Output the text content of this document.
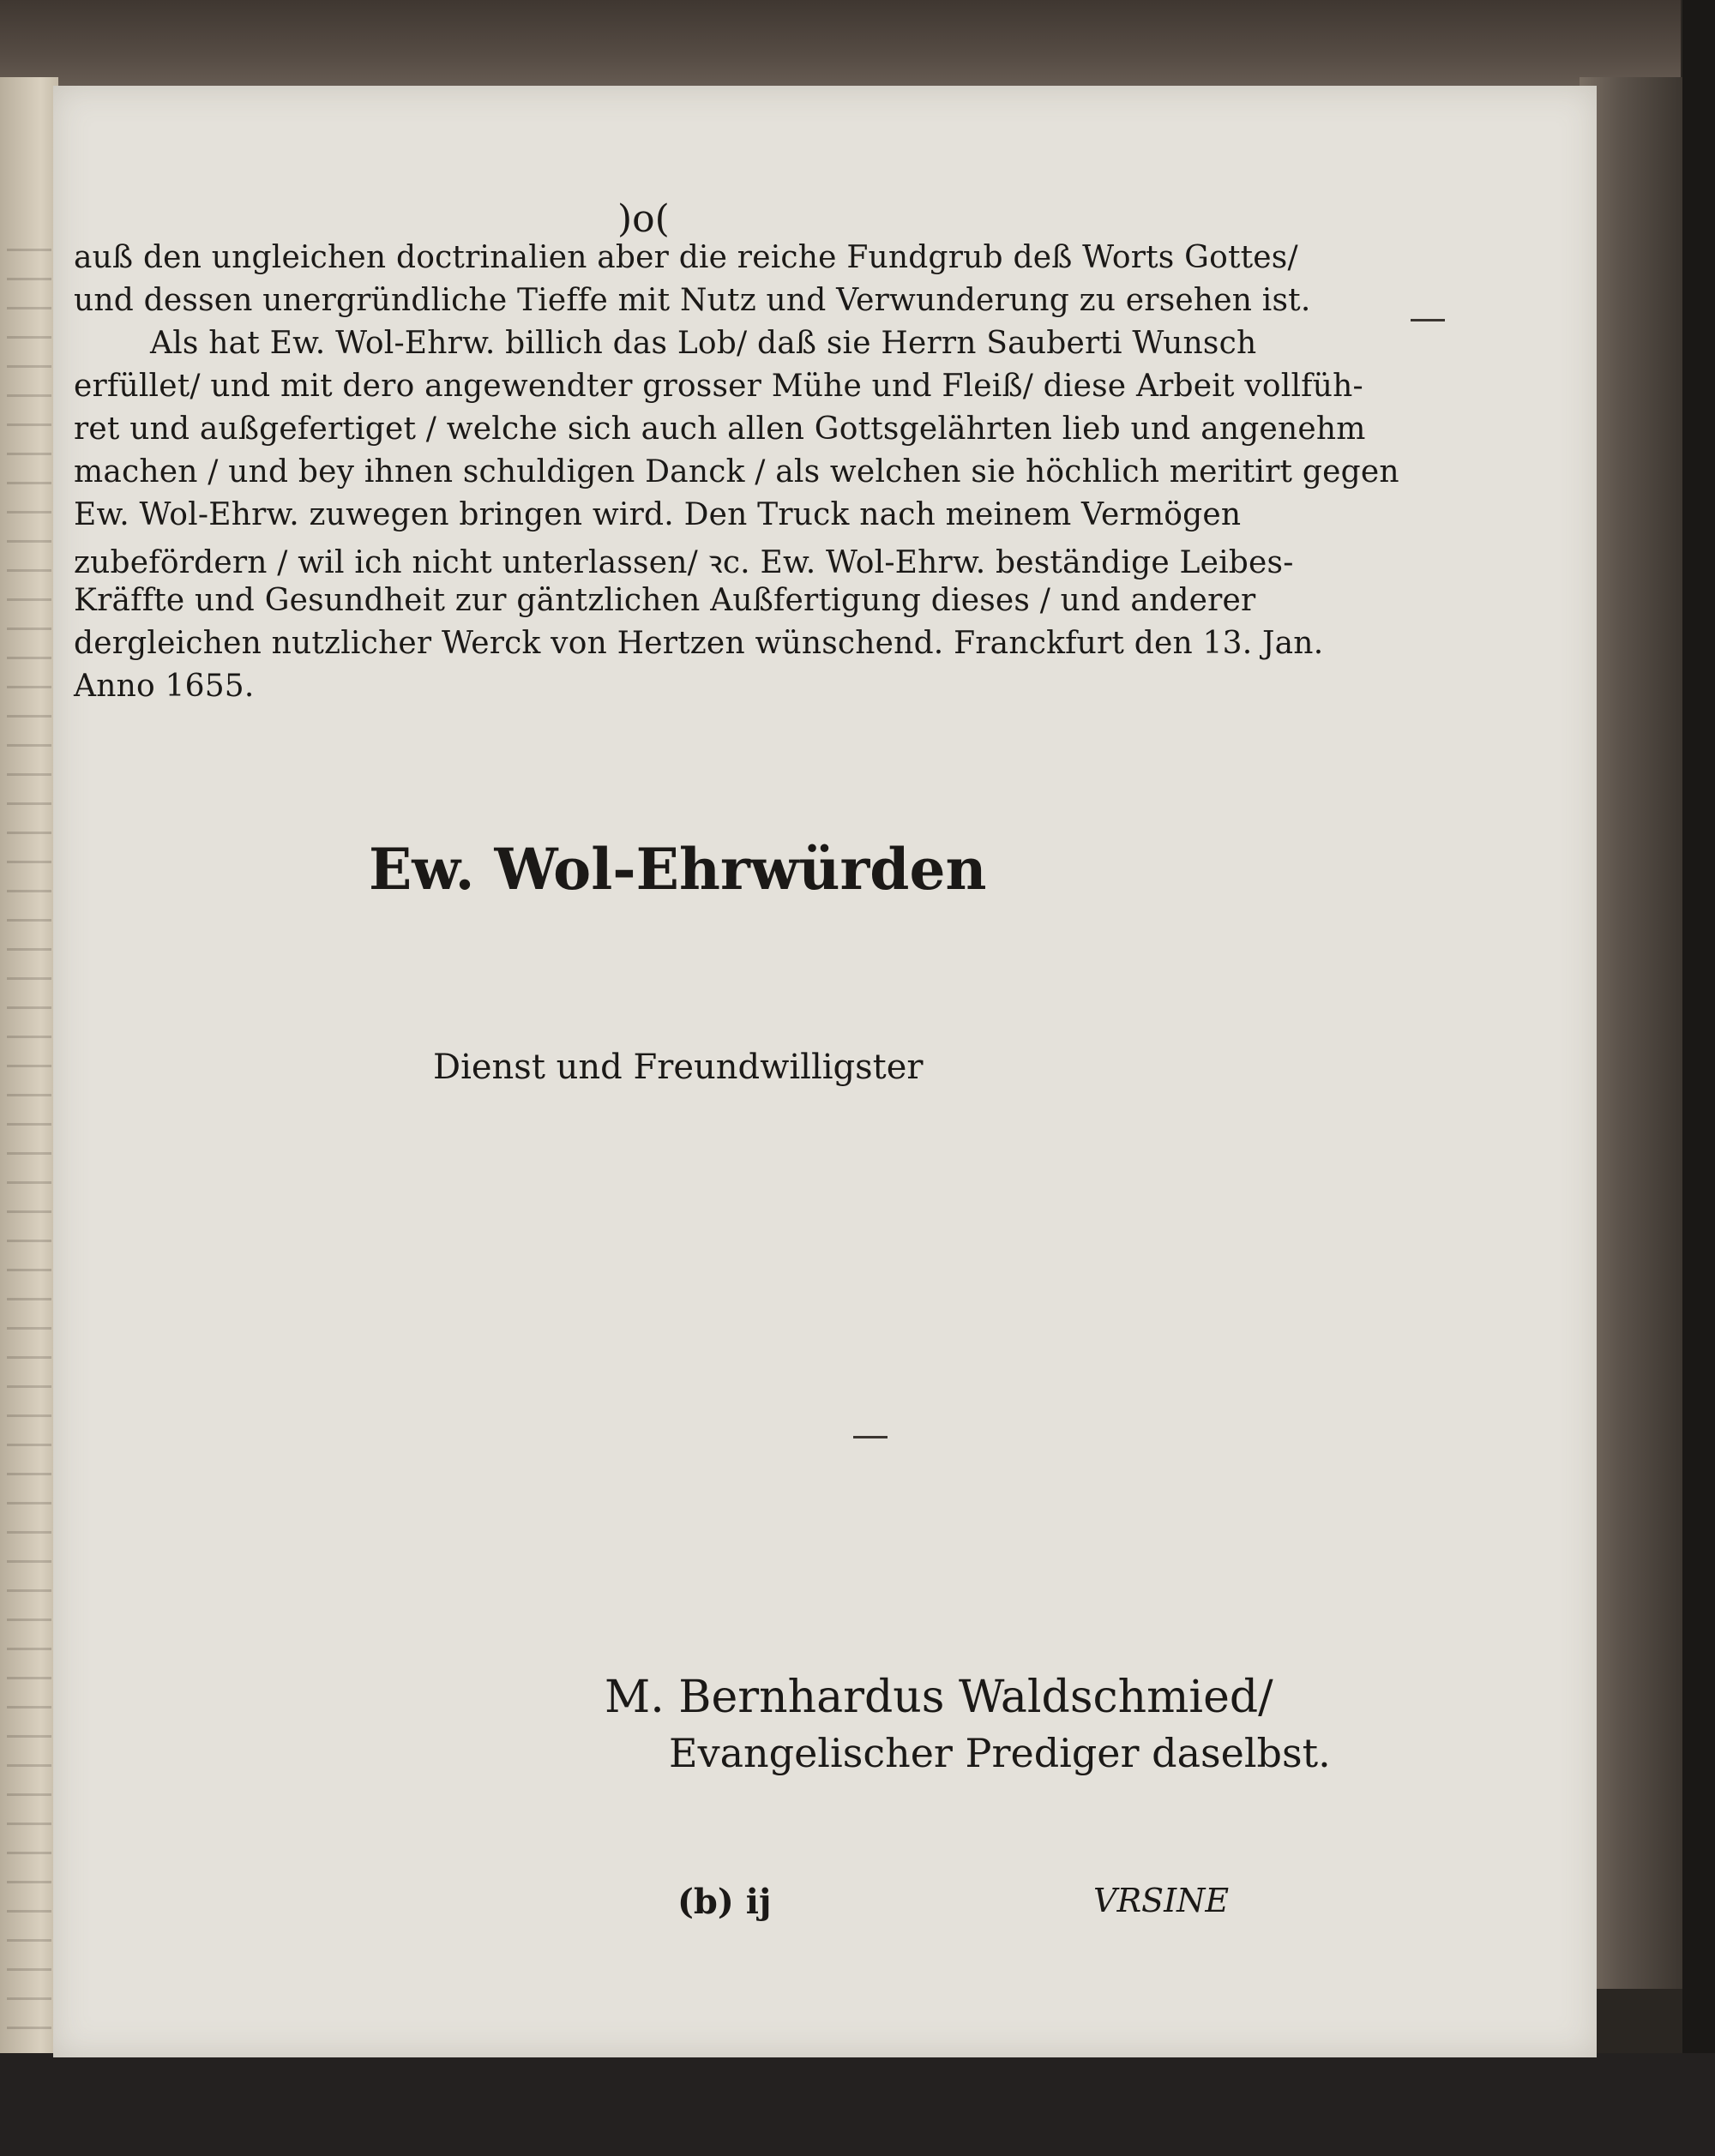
)o(
auß den ungleichen doctrinalien aber die reiche Fundgrub deß Worts Gottes/
und dessen unergründliche Tieffe mit Nutz und Verwunderung zu ersehen ist.
Als hat Ew. Wol-Ehrw. billich das Lob/ daß sie Herrn Sauberti Wunsch
erfüllet/ und mit dero angewendter grosser Mühe und Fleiß/ diese Arbeit vollfüh-
ret und außgefertiget / welche sich auch allen Gottsgelährten lieb und angenehm
machen / und bey ihnen schuldigen Danck / als welchen sie höchlich meritirt gegen
Ew. Wol-Ehrw. zuwegen bringen wird. Den Truck nach meinem Vermögen
zubefördern / wil ich nicht unterlassen/ ꝛc. Ew. Wol-Ehrw. beständige Leibes-
Kräffte und Gesundheit zur gäntzlichen Außfertigung dieses / und anderer
dergleichen nutzlicher Werck von Hertzen wünschend. Franckfurt den 13. Jan.
Anno 1655.
Ew. Wol-Ehrwürden
Dienst und Freundwilligster
M. Bernhardus Waldschmied/
Evangelischer Prediger daselbst.
(b) ij	VRSINE
